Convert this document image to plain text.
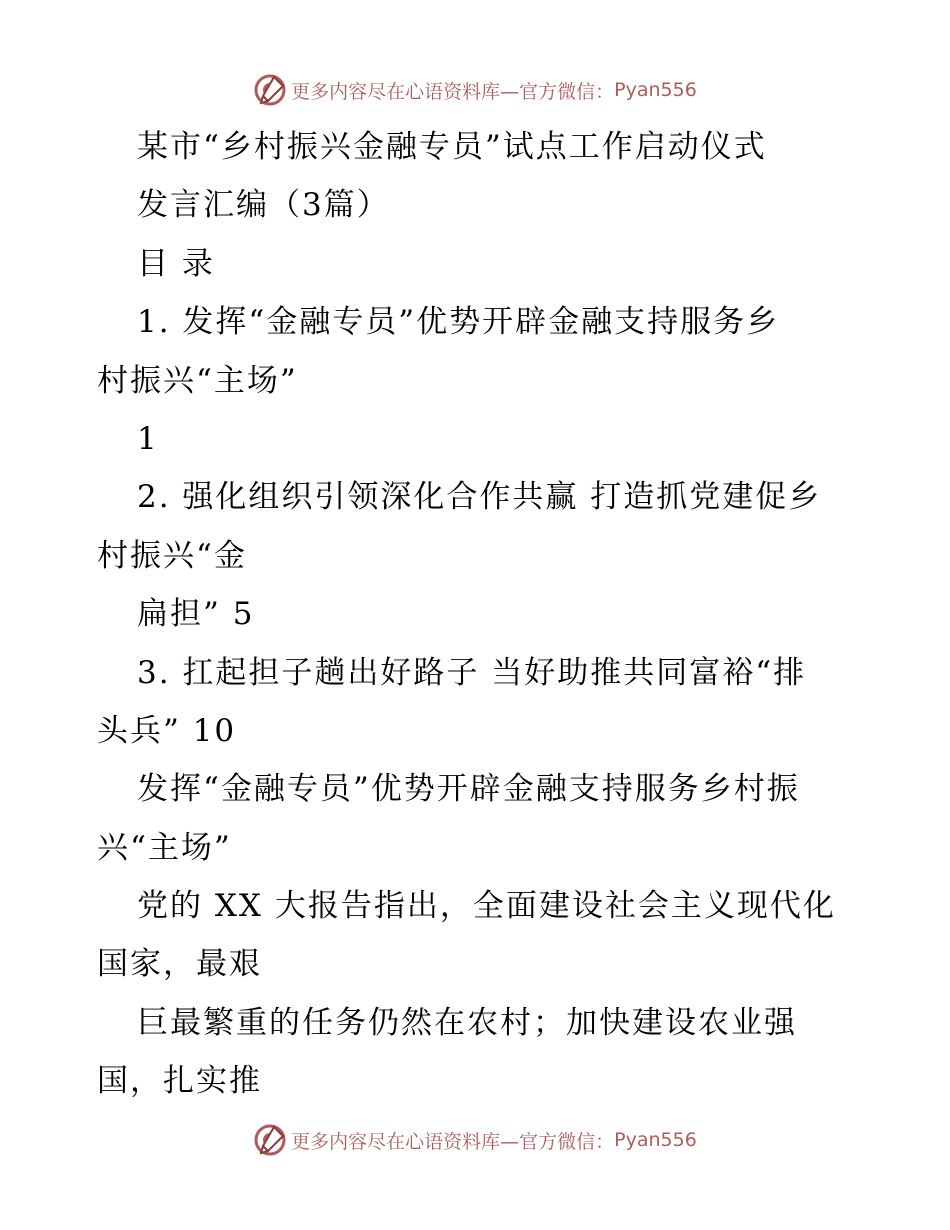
更多内容尽在心语资料库—官方微信： Pyan556
某市“乡村振兴金融专员”试点工作启动仪式
发言汇编（3篇）
目 录
1. 发挥“金融专员”优势开辟金融支持服务乡
村振兴“主场”
1
2. 强化组织引领深化合作共赢 打造抓党建促乡
村振兴“金
扁担” 5
3. 扛起担子趟出好路子 当好助推共同富裕“排
头兵” 10
发挥“金融专员”优势开辟金融支持服务乡村振
兴“主场”
党的 XX 大报告指出，全面建设社会主义现代化
国家，最艰
巨最繁重的任务仍然在农村；加快建设农业强
国，扎实推
更多内容尽在心语资料库—官方微信： Pyan556
